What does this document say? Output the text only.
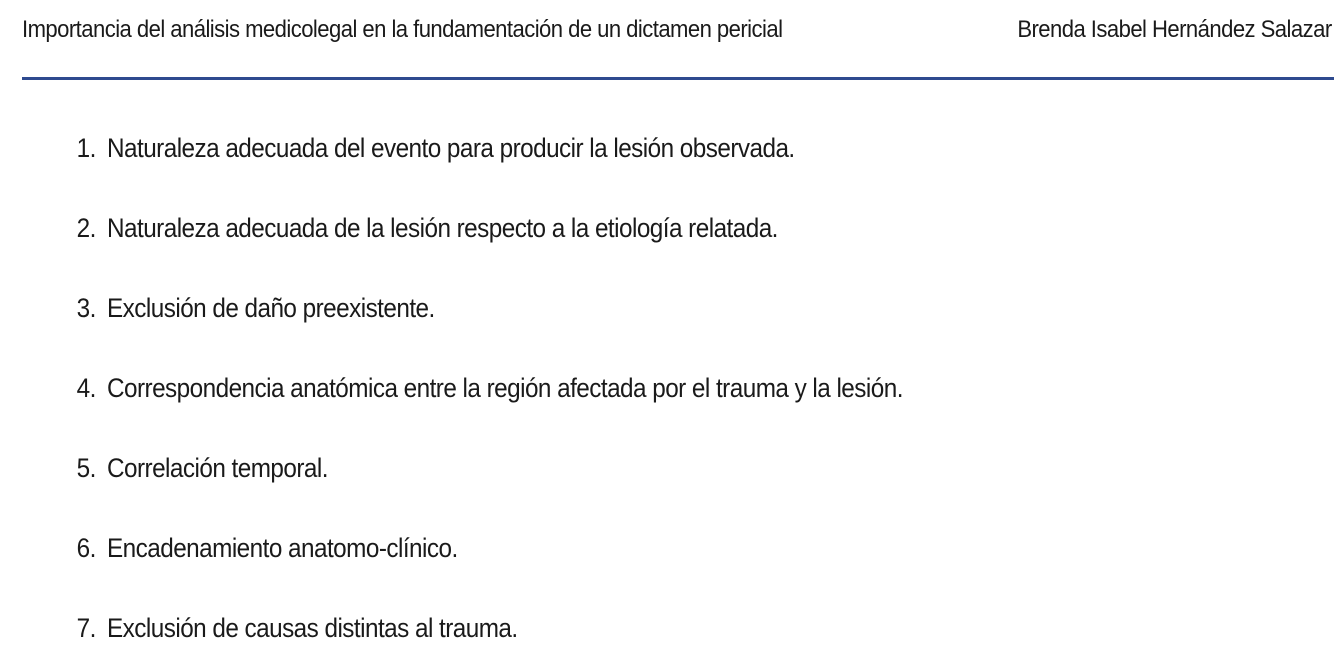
Importancia del análisis medicolegal en la fundamentación de un dictamen pericial	Brenda Isabel Hernández Salazar
1. Naturaleza adecuada del evento para producir la lesión observada.
2. Naturaleza adecuada de la lesión respecto a la etiología relatada.
3. Exclusión de daño preexistente.
4. Correspondencia anatómica entre la región afectada por el trauma y la lesión.
5. Correlación temporal.
6. Encadenamiento anatomo-clínico.
7. Exclusión de causas distintas al trauma.
